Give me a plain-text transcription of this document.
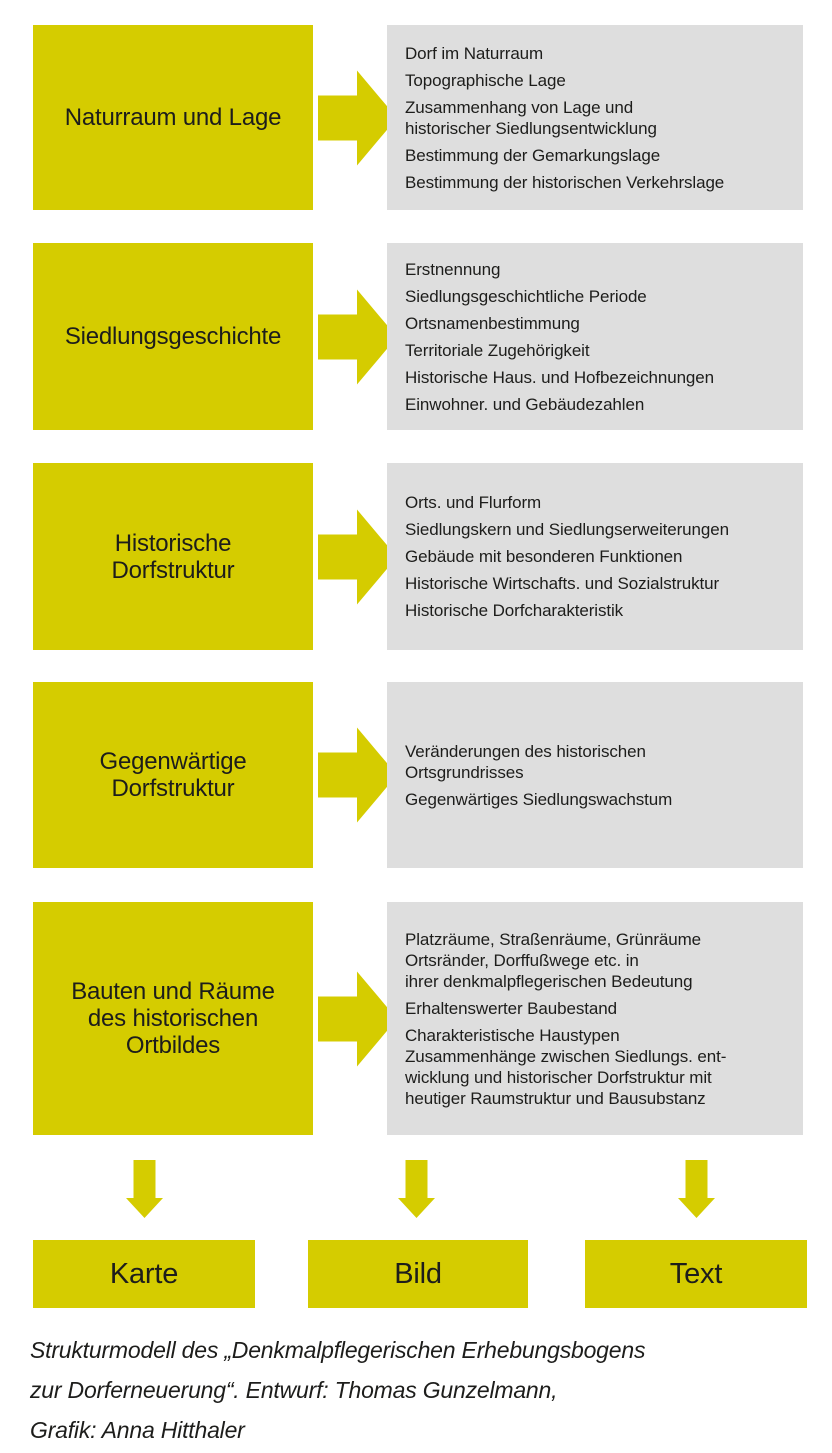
Naturraum und Lage
Dorf im Naturraum
Topographische Lage
Zusammenhang von Lage und
historischer Siedlungsentwicklung
Bestimmung der Gemarkungslage
Bestimmung der historischen Verkehrslage
Siedlungsgeschichte
Erstnennung
Siedlungsgeschichtliche Periode
Ortsnamenbestimmung
Territoriale Zugehörigkeit
Historische Haus. und Hofbezeichnungen
Einwohner. und Gebäudezahlen
Historische
Dorfstruktur
Orts. und Flurform
Siedlungskern und Siedlungserweiterungen
Gebäude mit besonderen Funktionen
Historische Wirtschafts. und Sozialstruktur
Historische Dorfcharakteristik
Gegenwärtige
Dorfstruktur
Veränderungen des historischen
Ortsgrundrisses
Gegenwärtiges Siedlungswachstum
Bauten und Räume
des historischen
Ortbildes
Platzräume, Straßenräume, Grünräume
Ortsränder, Dorffußwege etc. in
ihrer denkmalpflegerischen Bedeutung
Erhaltenswerter Baubestand
Charakteristische Haustypen
Zusammenhänge zwischen Siedlungs. ent-
wicklung und historischer Dorfstruktur mit
heutiger Raumstruktur und Bausubstanz
Karte	Bild	Text
Strukturmodell des „Denkmalpflegerischen Erhebungsbogens
zur Dorferneuerung“. Entwurf: Thomas Gunzelmann,
Grafik: Anna Hitthaler
